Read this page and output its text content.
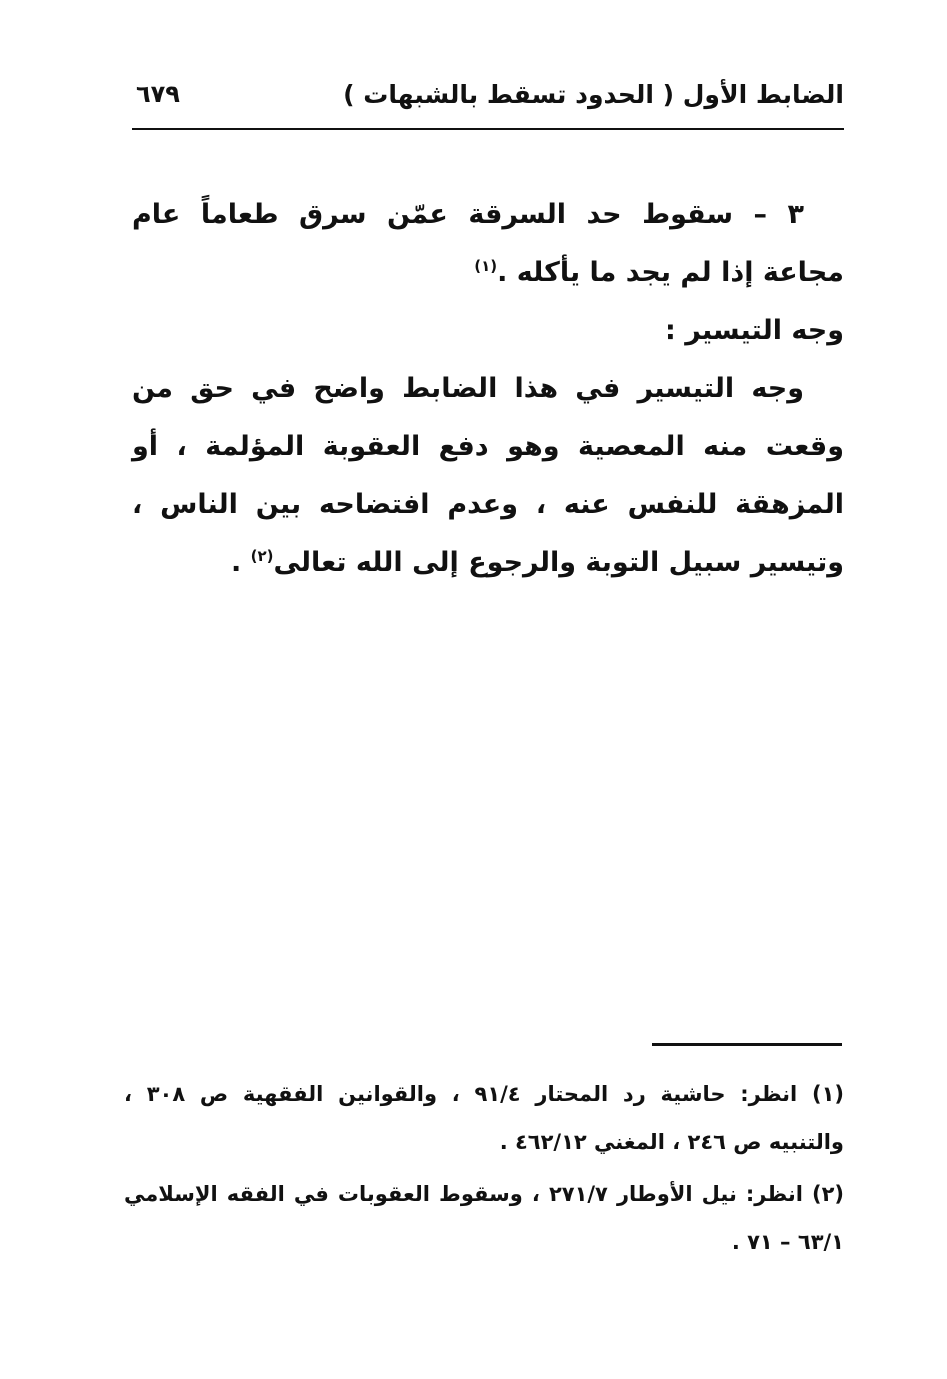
الضابط الأول ( الحدود تسقط بالشبهات )
٦٧٩

٣ – سقوط حد السرقة عمّن سرق طعاماً عام مجاعة إذا لم يجد ما يأكله .$^{(١)}$

وجه التيسير :

وجه التيسير في هذا الضابط واضح في حق من وقعت منه المعصية وهو دفع العقوبة المؤلمة ، أو المزهقة للنفس عنه ، وعدم افتضاحه بين الناس ، وتيسير سبيل التوبة والرجوع إلى الله تعالى$^{(٢)}$ .

(١) انظر: حاشية رد المحتار ٩١/٤ ، والقوانين الفقهية ص ٣٠٨ ، والتنبيه ص ٢٤٦ ، المغني ٤٦٢/١٢ .

(٢) انظر: نيل الأوطار ٢٧١/٧ ، وسقوط العقوبات في الفقه الإسلامي ٦٣/١ – ٧١ .
